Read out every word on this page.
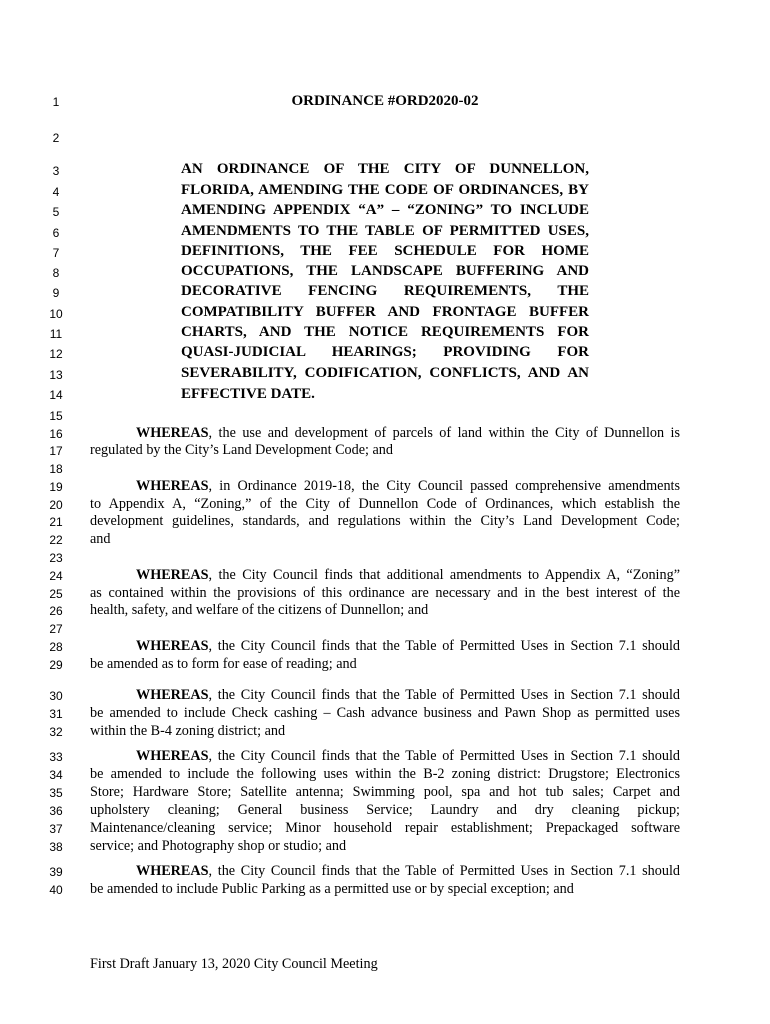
1
2
3
4
5
6
7
8
9
10
11
12
13
14
15
16
17
18
19
20
21
22
23
24
25
26
27
28
29
30
31
32
33
34
35
36
37
38
39
40
ORDINANCE #ORD2020-02
AN ORDINANCE OF THE CITY OF DUNNELLON,
FLORIDA, AMENDING THE CODE OF ORDINANCES, BY
AMENDING APPENDIX “A” – “ZONING” TO INCLUDE
AMENDMENTS TO THE TABLE OF PERMITTED USES,
DEFINITIONS, THE FEE SCHEDULE FOR HOME
OCCUPATIONS, THE LANDSCAPE BUFFERING AND
DECORATIVE FENCING REQUIREMENTS, THE
COMPATIBILITY BUFFER AND FRONTAGE BUFFER
CHARTS, AND THE NOTICE REQUIREMENTS FOR
QUASI-JUDICIAL HEARINGS; PROVIDING FOR
SEVERABILITY, CODIFICATION, CONFLICTS, AND AN
EFFECTIVE DATE.
WHEREAS, the use and development of parcels of land within the City of Dunnellon is
regulated by the City’s Land Development Code; and
WHEREAS, in Ordinance 2019-18, the City Council passed comprehensive amendments
to Appendix A, “Zoning,” of the City of Dunnellon Code of Ordinances, which establish the
development guidelines, standards, and regulations within the City’s Land Development Code;
and
WHEREAS, the City Council finds that additional amendments to Appendix A, “Zoning”
as contained within the provisions of this ordinance are necessary and in the best interest of the
health, safety, and welfare of the citizens of Dunnellon; and
WHEREAS, the City Council finds that the Table of Permitted Uses in Section 7.1 should
be amended as to form for ease of reading; and
WHEREAS, the City Council finds that the Table of Permitted Uses in Section 7.1 should
be amended to include Check cashing – Cash advance business and Pawn Shop as permitted uses
within the B-4 zoning district; and
WHEREAS, the City Council finds that the Table of Permitted Uses in Section 7.1 should
be amended to include the following uses within the B-2 zoning district: Drugstore; Electronics
Store; Hardware Store; Satellite antenna; Swimming pool, spa and hot tub sales; Carpet and
upholstery cleaning; General business Service; Laundry and dry cleaning pickup;
Maintenance/cleaning service; Minor household repair establishment; Prepackaged software
service; and Photography shop or studio; and
WHEREAS, the City Council finds that the Table of Permitted Uses in Section 7.1 should
be amended to include Public Parking as a permitted use or by special exception; and
First Draft January 13, 2020 City Council Meeting
